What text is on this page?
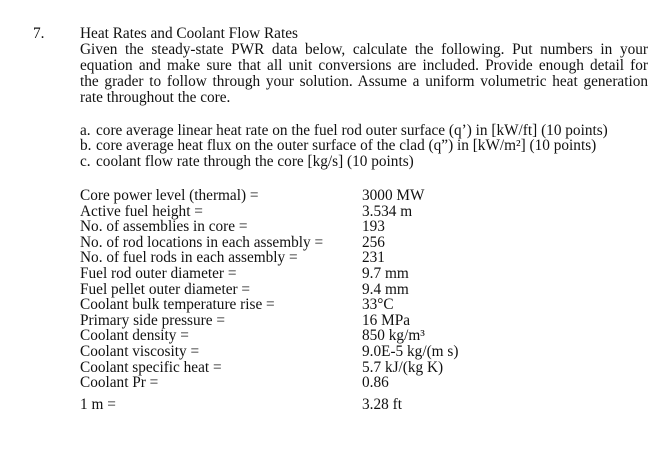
7. Heat Rates and Coolant Flow Rates
Given the steady-state PWR data below, calculate the following. Put numbers in your
equation and make sure that all unit conversions are included. Provide enough detail for
the grader to follow through your solution. Assume a uniform volumetric heat generation
rate throughout the core.
a. core average linear heat rate on the fuel rod outer surface (q’) in [kW/ft] (10 points)
b. core average heat flux on the outer surface of the clad (q”) in [kW/m²] (10 points)
c. coolant flow rate through the core [kg/s] (10 points)
Core power level (thermal) =	3000 MW
Active fuel height =	3.534 m
No. of assemblies in core =	193
No. of rod locations in each assembly =	256
No. of fuel rods in each assembly =	231
Fuel rod outer diameter =	9.7 mm
Fuel pellet outer diameter =	9.4 mm
Coolant bulk temperature rise =	33°C
Primary side pressure =	16 MPa
Coolant density =	850 kg/m³
Coolant viscosity =	9.0E-5 kg/(m s)
Coolant specific heat =	5.7 kJ/(kg K)
Coolant Pr =	0.86
1 m =	3.28 ft
